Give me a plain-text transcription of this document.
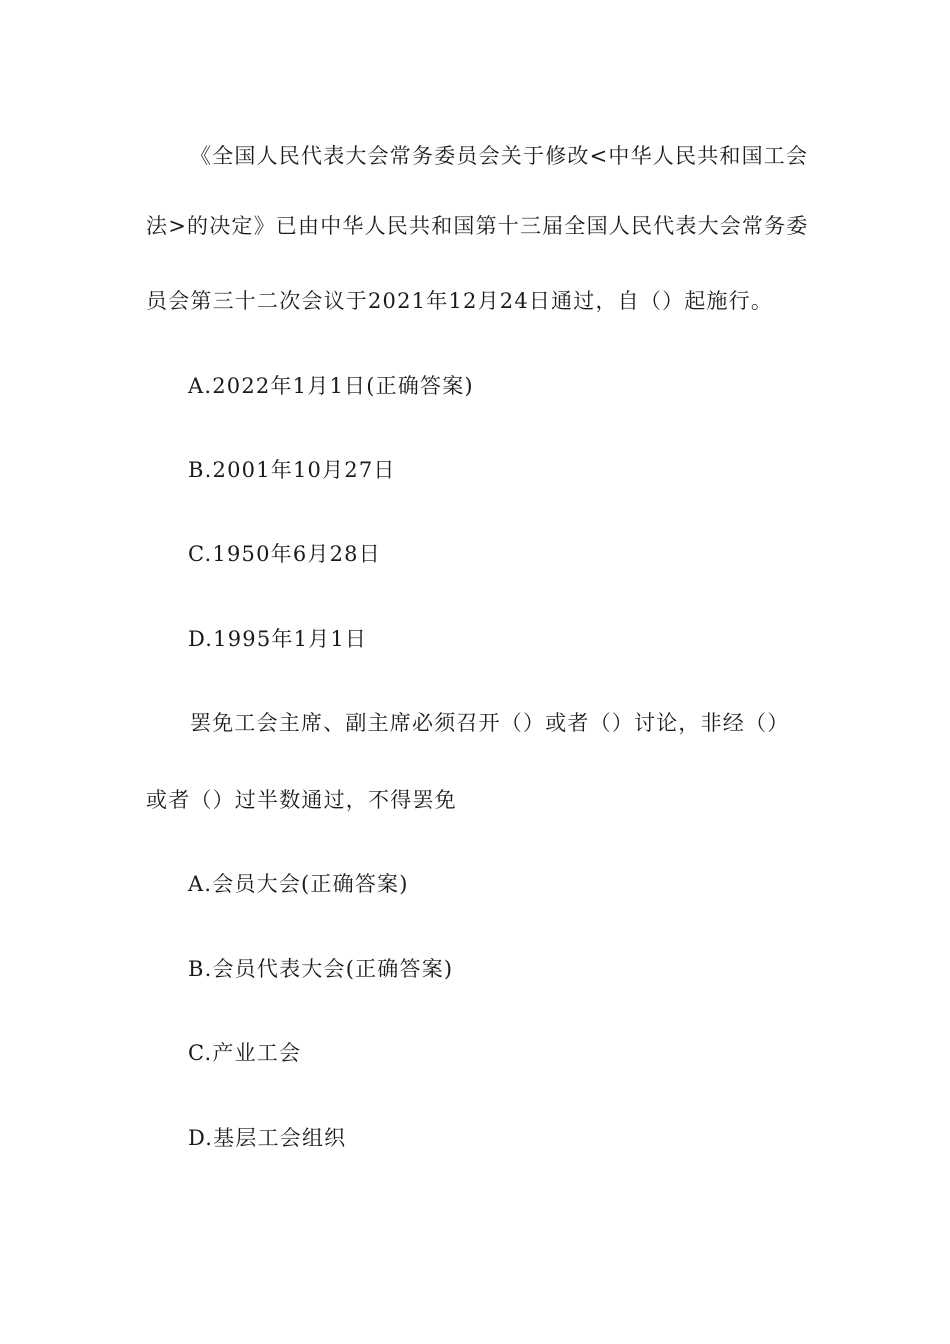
《全国人民代表大会常务委员会关于修改<中华人民共和国工会
法>的决定》已由中华人民共和国第十三届全国人民代表大会常务委
员会第三十二次会议于2021年12月24日通过，自（）起施行。
A.2022年1月1日(正确答案)
B.2001年10月27日
C.1950年6月28日
D.1995年1月1日
罢免工会主席、副主席必须召开（）或者（）讨论，非经（）
或者（）过半数通过，不得罢免
A.会员大会(正确答案)
B.会员代表大会(正确答案)
C.产业工会
D.基层工会组织
